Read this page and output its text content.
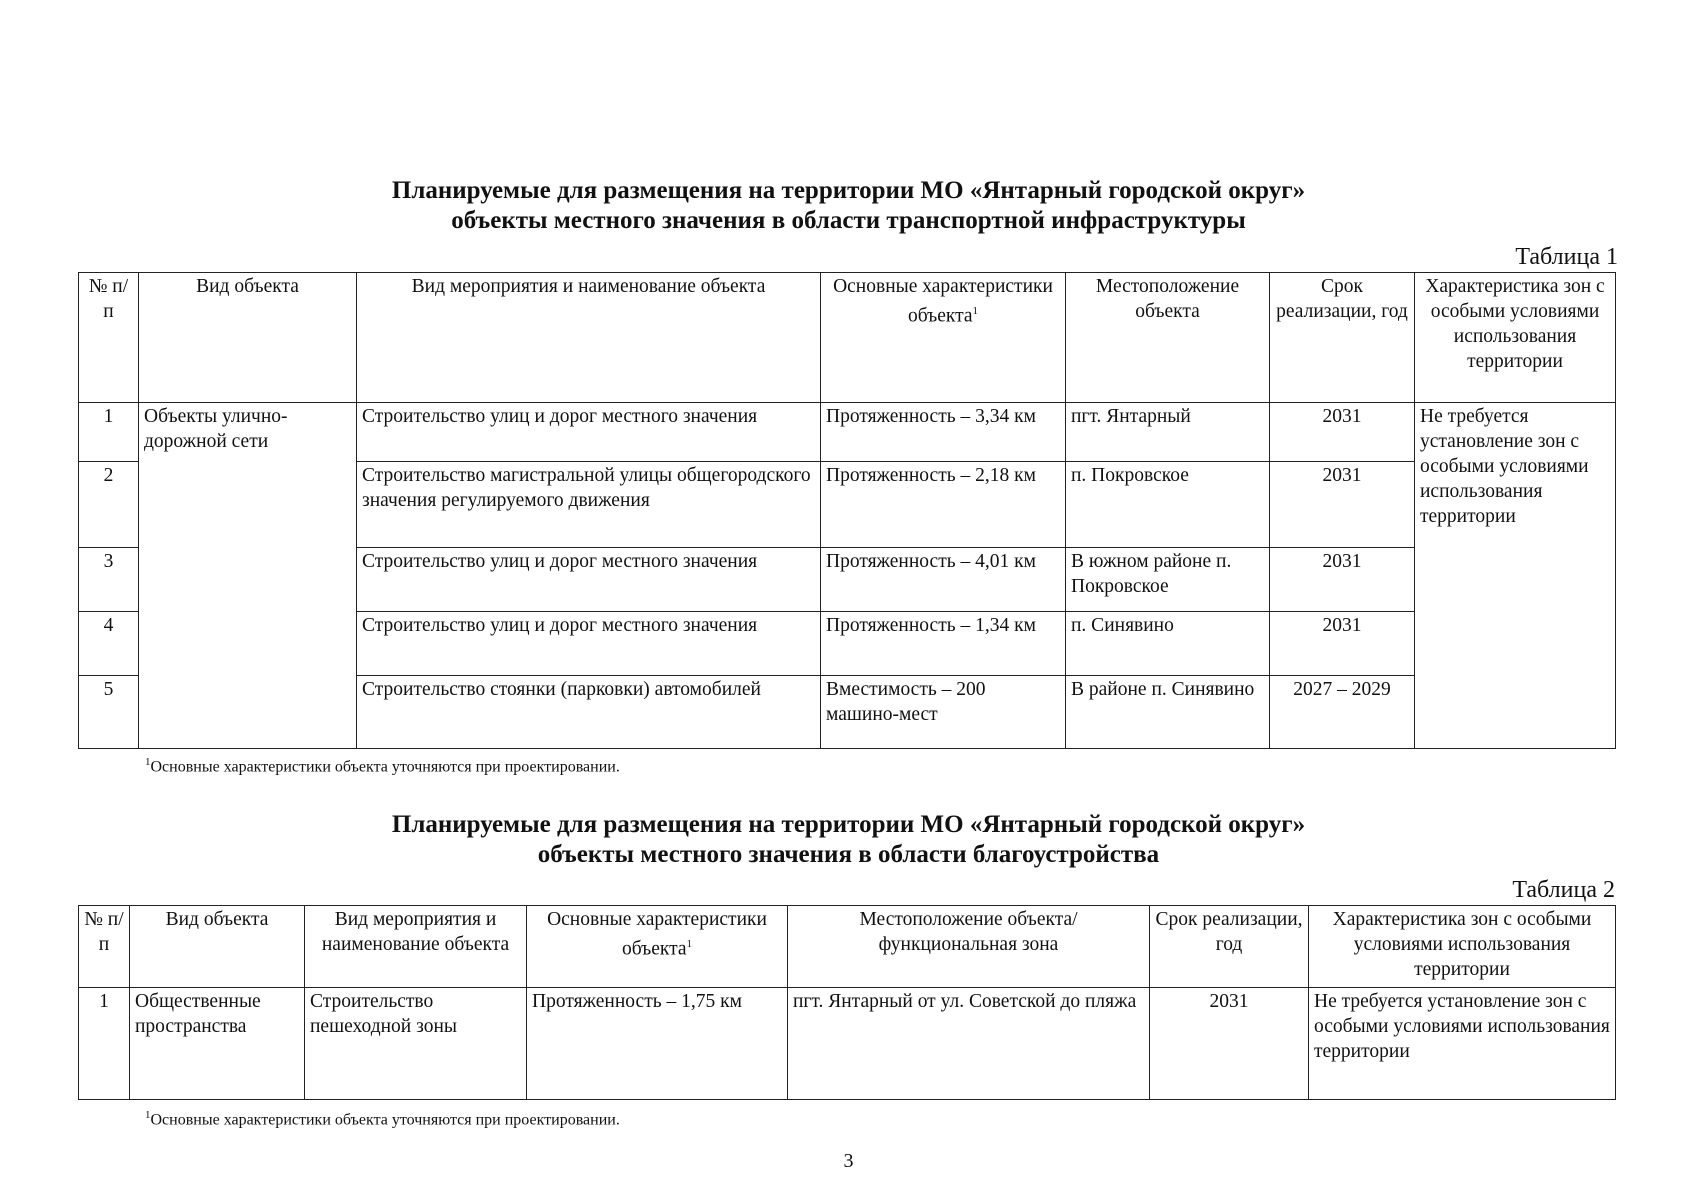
Планируемые для размещения на территории МО «Янтарный городской округ»
объекты местного значения в области транспортной инфраструктуры
Таблица 1
№ п/п	Вид объекта	Вид мероприятия и наименование объекта	Основные характеристики объекта$^1$	Местоположение объекта	Срок реализации, год	Характеристика зон с особыми условиями использования территории
1	Объекты улично-дорожной сети	Строительство улиц и дорог местного значения	Протяженность – 3,34 км	пгт. Янтарный	2031	Не требуется установление зон с особыми условиями использования территории
2		Строительство магистральной улицы общегородского значения регулируемого движения	Протяженность – 2,18 км	п. Покровское	2031	
3		Строительство улиц и дорог местного значения	Протяженность – 4,01 км	В южном районе п. Покровское	2031	
4		Строительство улиц и дорог местного значения	Протяженность – 1,34 км	п. Синявино	2031	
5		Строительство стоянки (парковки) автомобилей	Вместимость – 200 машино-мест	В районе п. Синявино	2027 – 2029	
$^1$Основные характеристики объекта уточняются при проектировании.
Планируемые для размещения на территории МО «Янтарный городской округ»
объекты местного значения в области благоустройства
Таблица 2
№ п/п	Вид объекта	Вид мероприятия и наименование объекта	Основные характеристики объекта$^1$	Местоположение объекта/ функциональная зона	Срок реализации, год	Характеристика зон с особыми условиями использования территории
1	Общественные пространства	Строительство пешеходной зоны	Протяженность – 1,75 км	пгт. Янтарный от ул. Советской до пляжа	2031	Не требуется установление зон с особыми условиями использования территории
$^1$Основные характеристики объекта уточняются при проектировании.
3
